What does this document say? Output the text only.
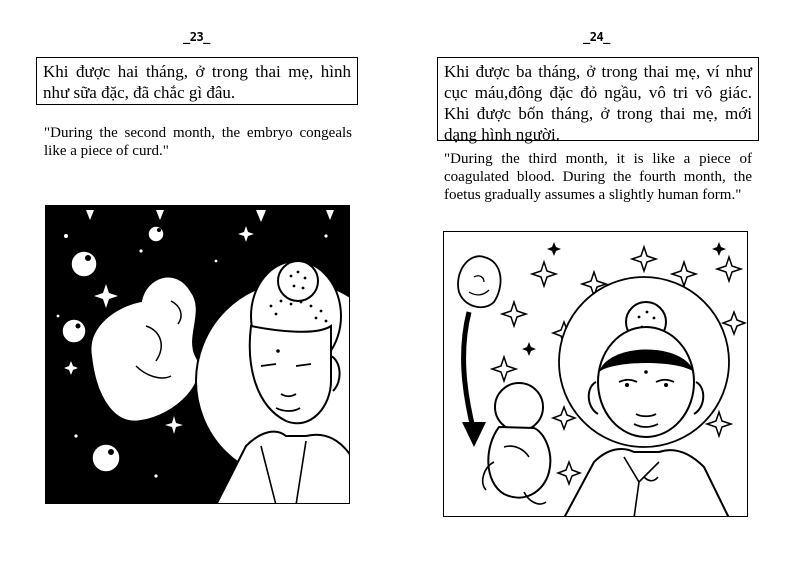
_23_
Khi được hai tháng, ở trong thai mẹ, hình như sữa đặc, đã chắc gì đâu.
"During the second month, the embryo congeals like a piece of curd."
_24_
Khi được ba tháng, ở trong thai mẹ, ví như cục máu,đông đặc đỏ ngầu, vô tri vô giác. Khi được bốn tháng, ở trong thai mẹ, mới dạng hình người.
"During the third month, it is like a piece of coagulated blood. During the fourth month, the foetus gradually assumes a slightly human form."
